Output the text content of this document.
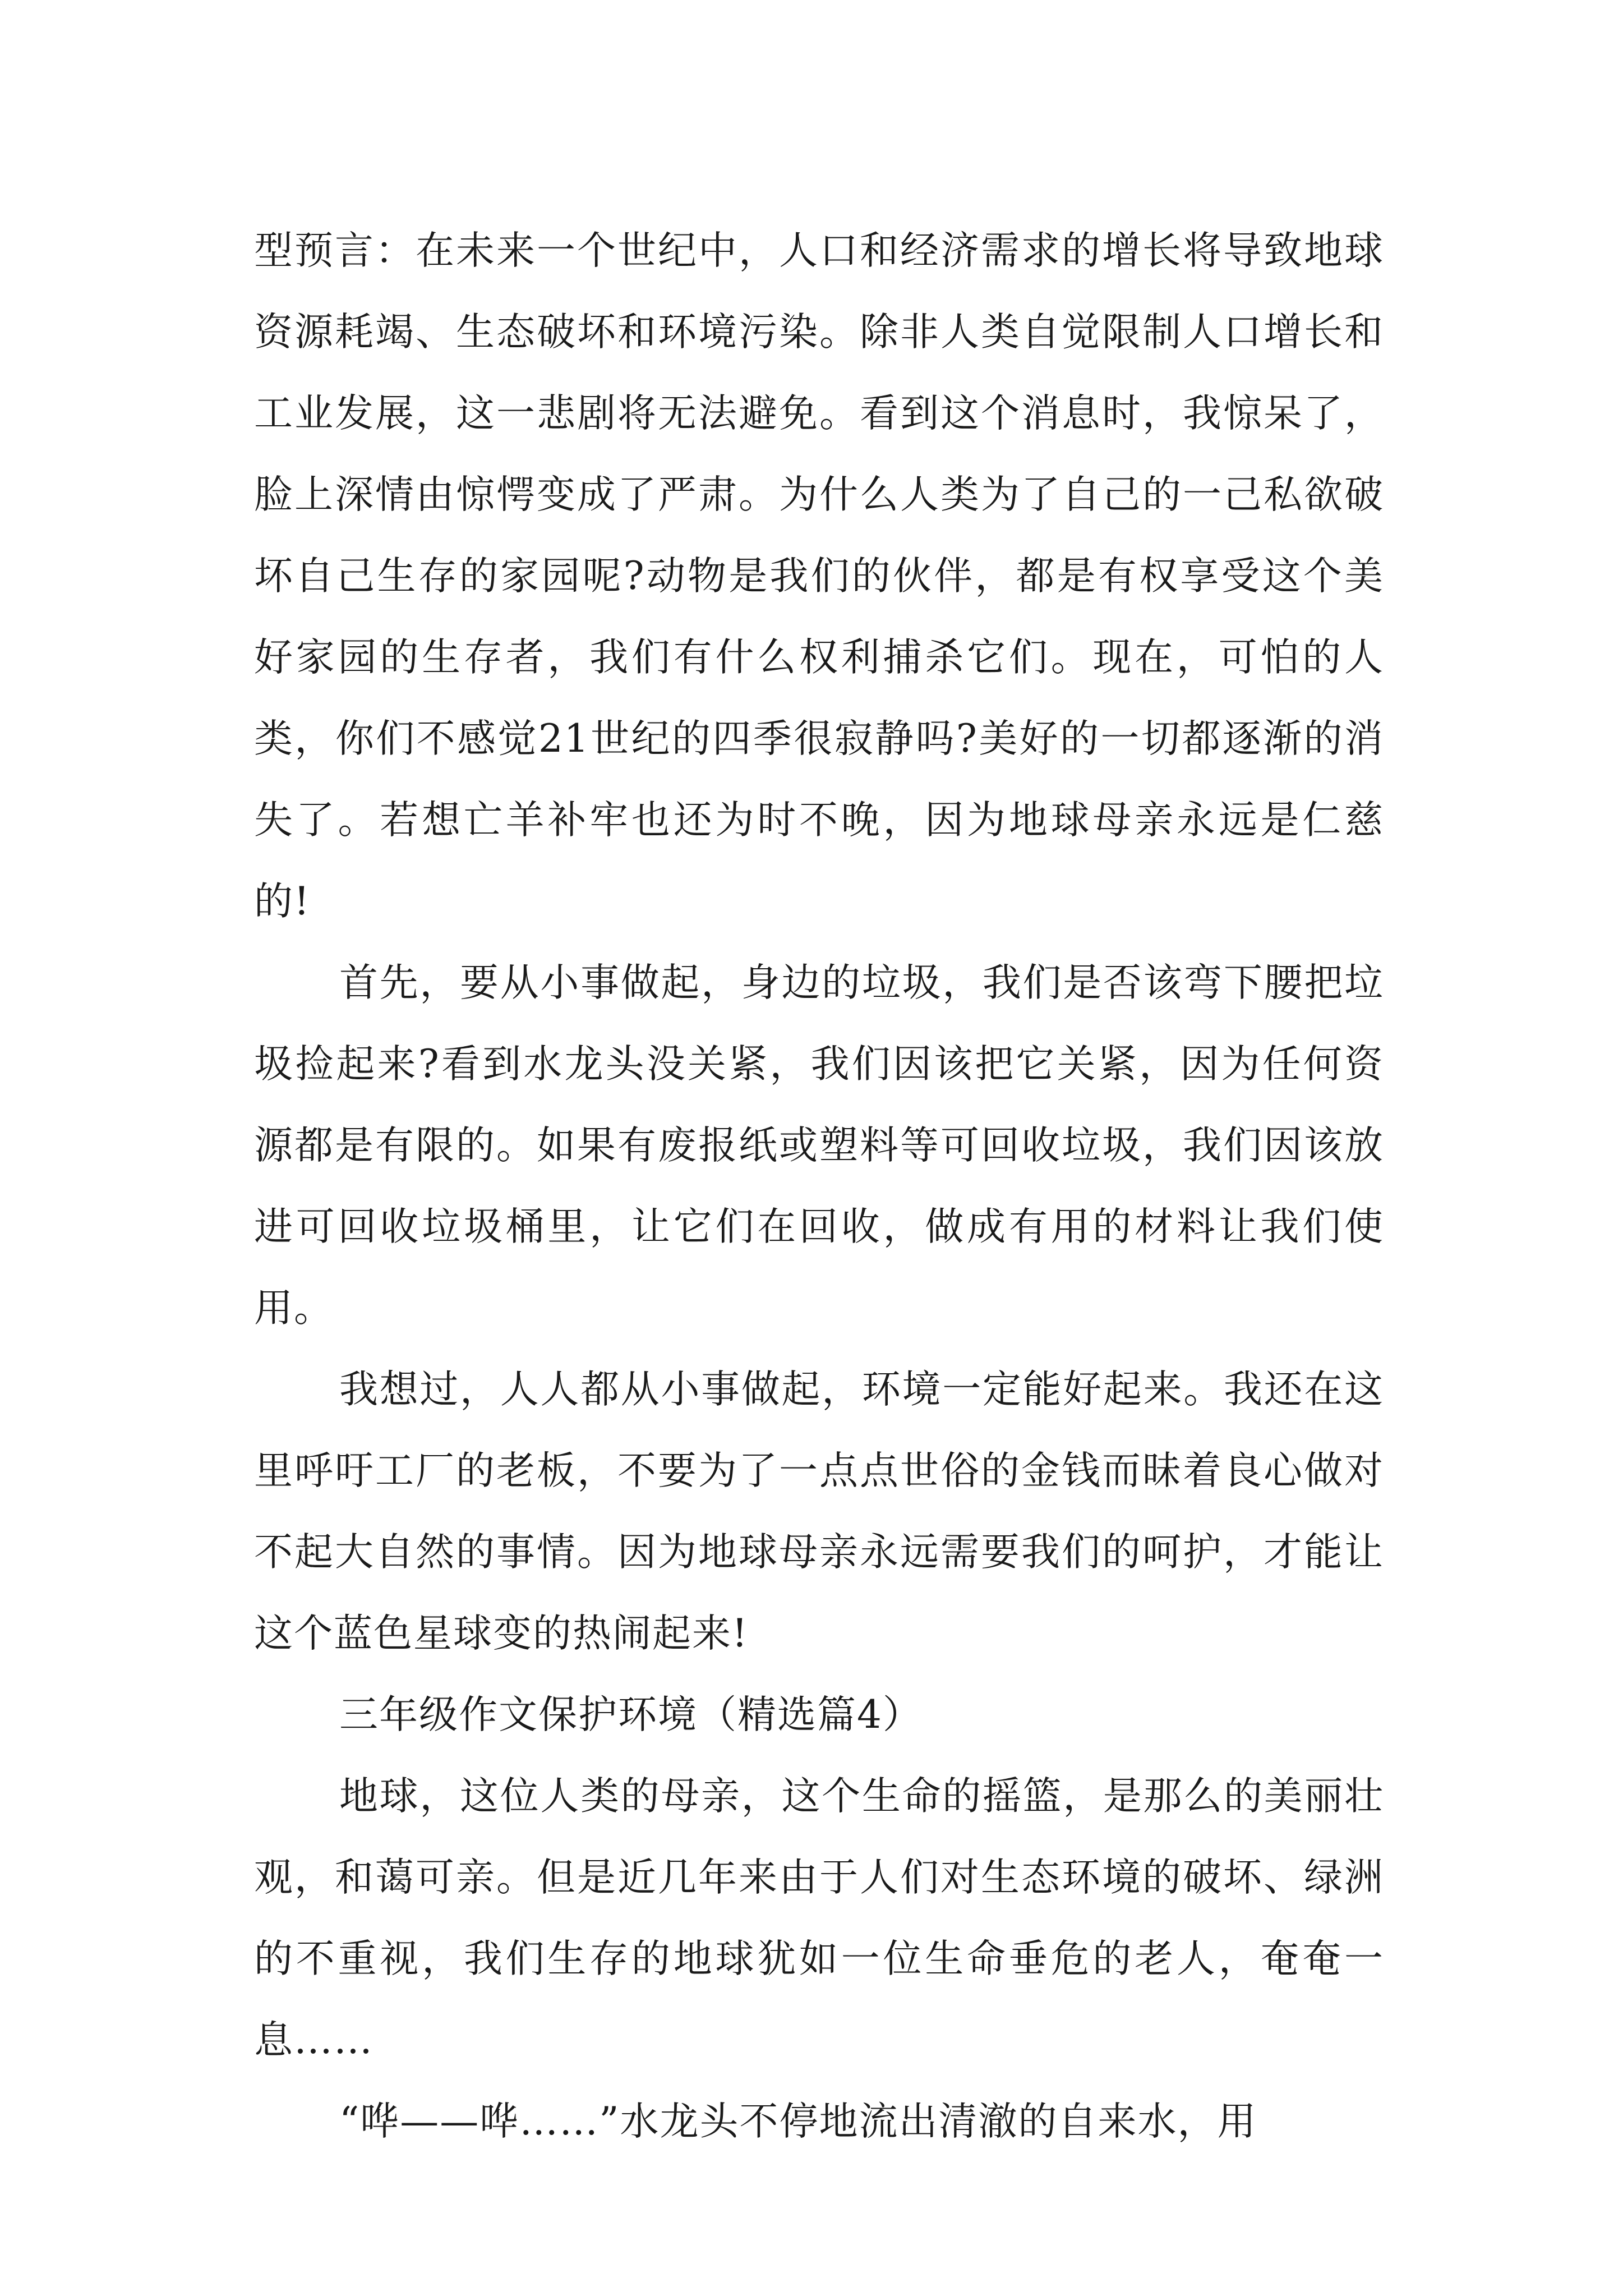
型预言：在未来一个世纪中，人口和经济需求的增长将导致地球资源耗竭、生态破坏和环境污染。除非人类自觉限制人口增长和工业发展，这一悲剧将无法避免。看到这个消息时，我惊呆了，脸上深情由惊愕变成了严肃。为什么人类为了自己的一己私欲破坏自己生存的家园呢?动物是我们的伙伴，都是有权享受这个美好家园的生存者，我们有什么权利捕杀它们。现在，可怕的人类，你们不感觉21世纪的四季很寂静吗?美好的一切都逐渐的消失了。若想亡羊补牢也还为时不晚，因为地球母亲永远是仁慈的!

首先，要从小事做起，身边的垃圾，我们是否该弯下腰把垃圾捡起来?看到水龙头没关紧，我们因该把它关紧，因为任何资源都是有限的。如果有废报纸或塑料等可回收垃圾，我们因该放进可回收垃圾桶里，让它们在回收，做成有用的材料让我们使用。

我想过，人人都从小事做起，环境一定能好起来。我还在这里呼吁工厂的老板，不要为了一点点世俗的金钱而昧着良心做对不起大自然的事情。因为地球母亲永远需要我们的呵护，才能让这个蓝色星球变的热闹起来!

三年级作文保护环境（精选篇4）

地球，这位人类的母亲，这个生命的摇篮，是那么的美丽壮观，和蔼可亲。但是近几年来由于人们对生态环境的破坏、绿洲的不重视，我们生存的地球犹如一位生命垂危的老人，奄奄一息……

“哗——哗……”水龙头不停地流出清澈的自来水，用
